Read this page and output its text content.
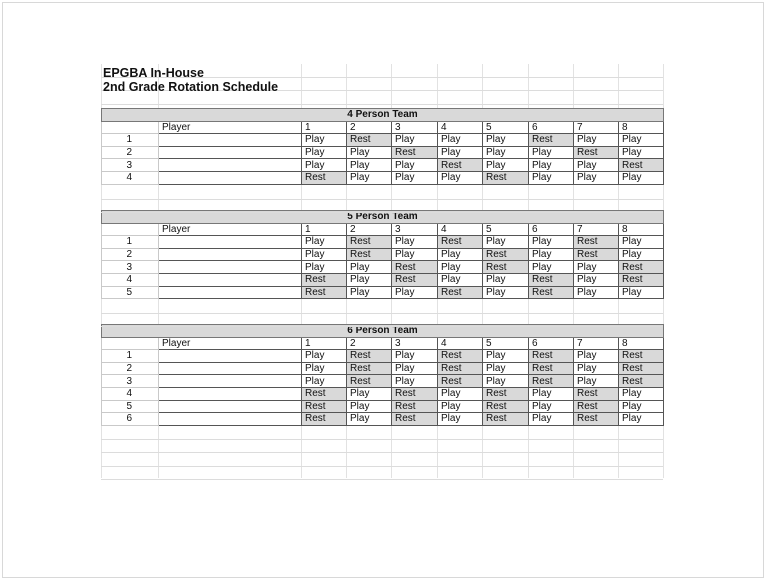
EPGBA In-House
2nd Grade Rotation Schedule
4 Person Team									
	Player	1	2	3	4	5	6	7	8
1		Play	Rest	Play	Play	Play	Rest	Play	Play
2		Play	Play	Rest	Play	Play	Play	Rest	Play
3		Play	Play	Play	Rest	Play	Play	Play	Rest
4		Rest	Play	Play	Play	Rest	Play	Play	Play
5 Person Team									
	Player	1	2	3	4	5	6	7	8
1		Play	Rest	Play	Rest	Play	Play	Rest	Play
2		Play	Rest	Play	Play	Rest	Play	Rest	Play
3		Play	Play	Rest	Play	Rest	Play	Play	Rest
4		Rest	Play	Rest	Play	Play	Rest	Play	Rest
5		Rest	Play	Play	Rest	Play	Rest	Play	Play
6 Person Team									
	Player	1	2	3	4	5	6	7	8
1		Play	Rest	Play	Rest	Play	Rest	Play	Rest
2		Play	Rest	Play	Rest	Play	Rest	Play	Rest
3		Play	Rest	Play	Rest	Play	Rest	Play	Rest
4		Rest	Play	Rest	Play	Rest	Play	Rest	Play
5		Rest	Play	Rest	Play	Rest	Play	Rest	Play
6		Rest	Play	Rest	Play	Rest	Play	Rest	Play
